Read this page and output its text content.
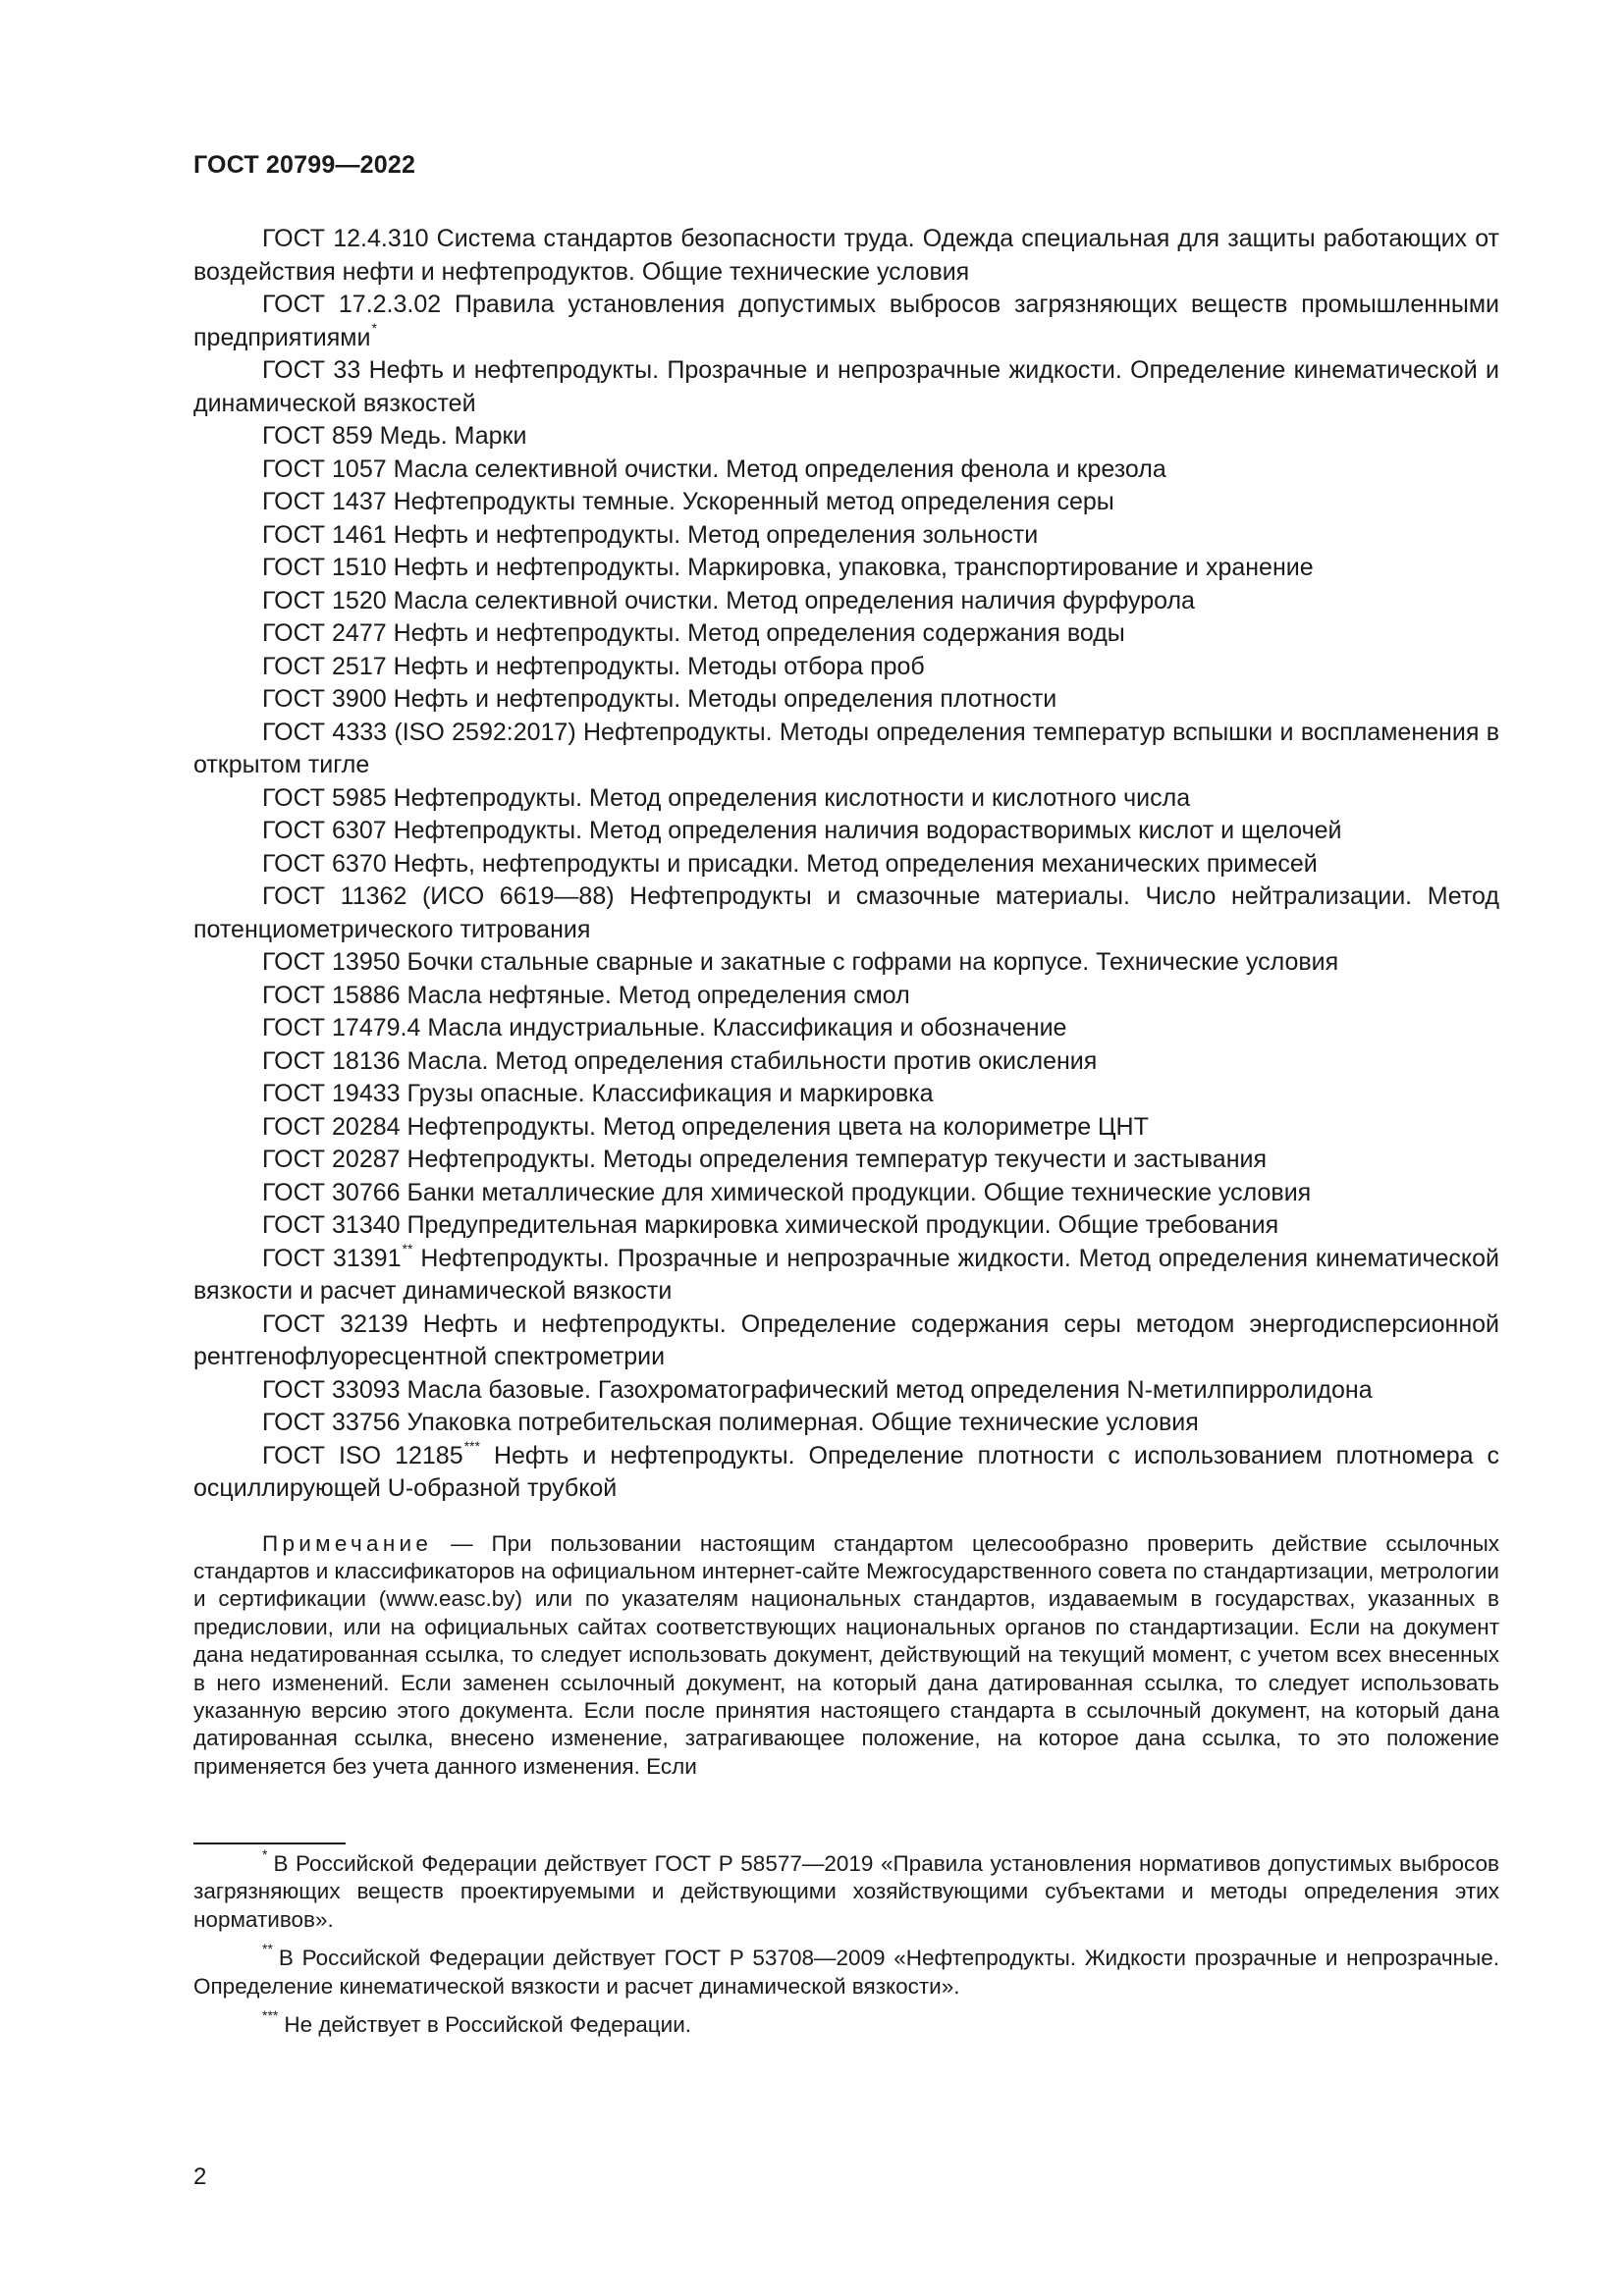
ГОСТ 20799—2022

ГОСТ 12.4.310 Система стандартов безопасности труда. Одежда специальная для защиты работающих от воздействия нефти и нефтепродуктов. Общие технические условия

ГОСТ 17.2.3.02 Правила установления допустимых выбросов загрязняющих веществ промышленными предприятиями*

ГОСТ 33 Нефть и нефтепродукты. Прозрачные и непрозрачные жидкости. Определение кинематической и динамической вязкостей

ГОСТ 859 Медь. Марки

ГОСТ 1057 Масла селективной очистки. Метод определения фенола и крезола

ГОСТ 1437 Нефтепродукты темные. Ускоренный метод определения серы

ГОСТ 1461 Нефть и нефтепродукты. Метод определения зольности

ГОСТ 1510 Нефть и нефтепродукты. Маркировка, упаковка, транспортирование и хранение

ГОСТ 1520 Масла селективной очистки. Метод определения наличия фурфурола

ГОСТ 2477 Нефть и нефтепродукты. Метод определения содержания воды

ГОСТ 2517 Нефть и нефтепродукты. Методы отбора проб

ГОСТ 3900 Нефть и нефтепродукты. Методы определения плотности

ГОСТ 4333 (ISO 2592:2017) Нефтепродукты. Методы определения температур вспышки и воспламенения в открытом тигле

ГОСТ 5985 Нефтепродукты. Метод определения кислотности и кислотного числа

ГОСТ 6307 Нефтепродукты. Метод определения наличия водорастворимых кислот и щелочей

ГОСТ 6370 Нефть, нефтепродукты и присадки. Метод определения механических примесей

ГОСТ 11362 (ИСО 6619—88) Нефтепродукты и смазочные материалы. Число нейтрализации. Метод потенциометрического титрования

ГОСТ 13950 Бочки стальные сварные и закатные с гофрами на корпусе. Технические условия

ГОСТ 15886 Масла нефтяные. Метод определения смол

ГОСТ 17479.4 Масла индустриальные. Классификация и обозначение

ГОСТ 18136 Масла. Метод определения стабильности против окисления

ГОСТ 19433 Грузы опасные. Классификация и маркировка

ГОСТ 20284 Нефтепродукты. Метод определения цвета на колориметре ЦНТ

ГОСТ 20287 Нефтепродукты. Методы определения температур текучести и застывания

ГОСТ 30766 Банки металлические для химической продукции. Общие технические условия

ГОСТ 31340 Предупредительная маркировка химической продукции. Общие требования

ГОСТ 31391** Нефтепродукты. Прозрачные и непрозрачные жидкости. Метод определения кинематической вязкости и расчет динамической вязкости

ГОСТ 32139 Нефть и нефтепродукты. Определение содержания серы методом энергодисперсионной рентгенофлуоресцентной спектрометрии

ГОСТ 33093 Масла базовые. Газохроматографический метод определения N-метилпирролидона

ГОСТ 33756 Упаковка потребительская полимерная. Общие технические условия

ГОСТ ISO 12185*** Нефть и нефтепродукты. Определение плотности с использованием плотномера с осциллирующей U-образной трубкой

Примечание — При пользовании настоящим стандартом целесообразно проверить действие ссылочных стандартов и классификаторов на официальном интернет-сайте Межгосударственного совета по стандартизации, метрологии и сертификации (www.easc.by) или по указателям национальных стандартов, издаваемым в государствах, указанных в предисловии, или на официальных сайтах соответствующих национальных органов по стандартизации. Если на документ дана недатированная ссылка, то следует использовать документ, действующий на текущий момент, с учетом всех внесенных в него изменений. Если заменен ссылочный документ, на который дана датированная ссылка, то следует использовать указанную версию этого документа. Если после принятия настоящего стандарта в ссылочный документ, на который дана датированная ссылка, внесено изменение, затрагивающее положение, на которое дана ссылка, то это положение применяется без учета данного изменения. Если

* В Российской Федерации действует ГОСТ Р 58577—2019 «Правила установления нормативов допустимых выбросов загрязняющих веществ проектируемыми и действующими хозяйствующими субъектами и методы определения этих нормативов».

** В Российской Федерации действует ГОСТ Р 53708—2009 «Нефтепродукты. Жидкости прозрачные и непрозрачные. Определение кинематической вязкости и расчет динамической вязкости».

*** Не действует в Российской Федерации.

2
